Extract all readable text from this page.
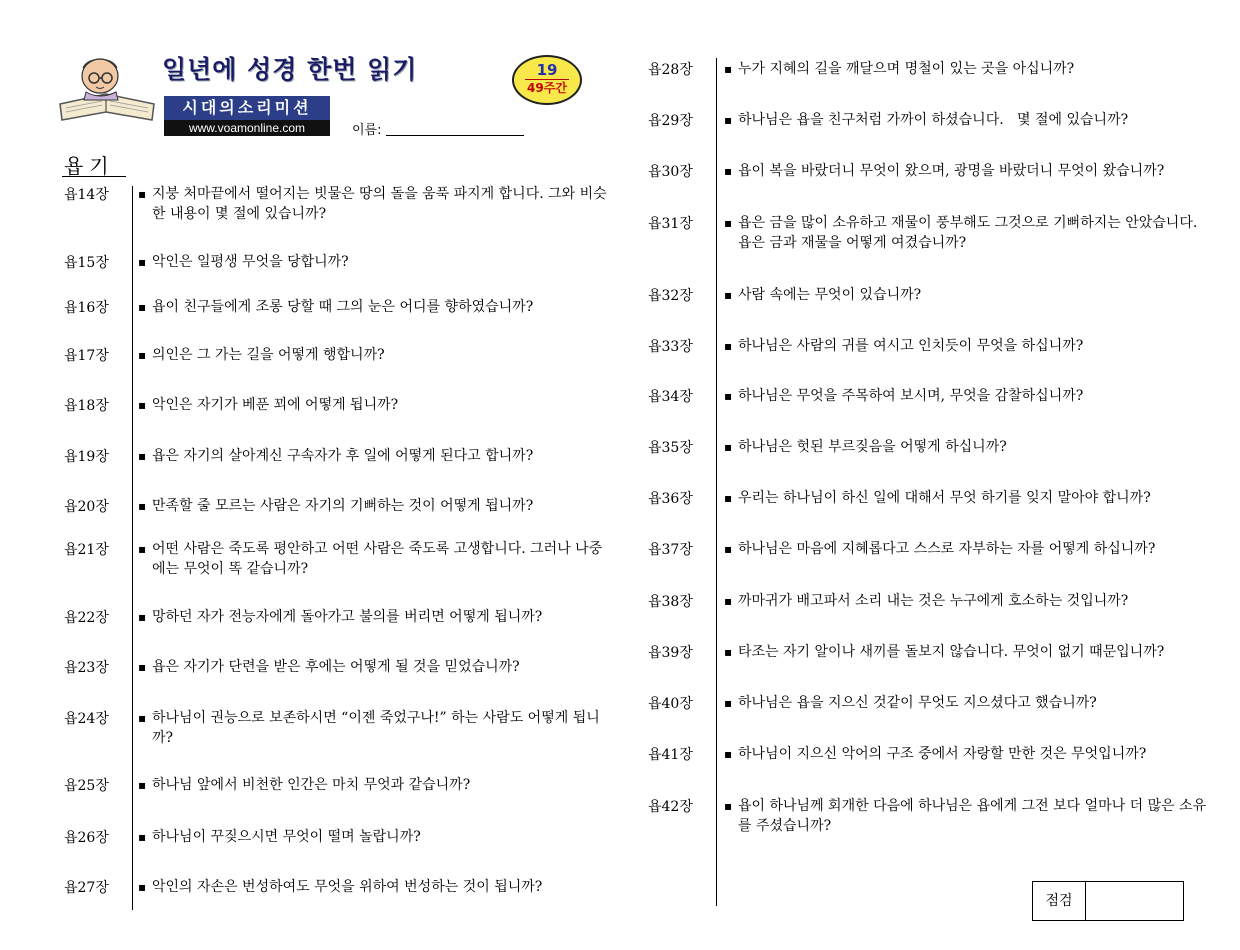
일년에 성경 한번 읽기	19
49주간
시대의소리미션
www.voamonline.com	이름:
욥기
욥14장 ▪ 지붕 처마끝에서 떨어지는 빗물은 땅의 돌을 움푹 파지게 합니다. 그와 비슷한 내용이 몇 절에 있습니까?
욥15장 ▪ 악인은 일평생 무엇을 당합니까?
욥16장 ▪ 욥이 친구들에게 조롱 당할 때 그의 눈은 어디를 향하였습니까?
욥17장 ▪ 의인은 그 가는 길을 어떻게 행합니까?
욥18장 ▪ 악인은 자기가 베푼 꾀에 어떻게 됩니까?
욥19장 ▪ 욥은 자기의 살아계신 구속자가 후 일에 어떻게 된다고 합니까?
욥20장 ▪ 만족할 줄 모르는 사람은 자기의 기뻐하는 것이 어떻게 됩니까?
욥21장 ▪ 어떤 사람은 죽도록 평안하고 어떤 사람은 죽도록 고생합니다. 그러나 나중에는 무엇이 똑 같습니까?
욥22장 ▪ 망하던 자가 전능자에게 돌아가고 불의를 버리면 어떻게 됩니까?
욥23장 ▪ 욥은 자기가 단련을 받은 후에는 어떻게 될 것을 믿었습니까?
욥24장 ▪ 하나님이 권능으로 보존하시면 “이젠 죽었구나!” 하는 사람도 어떻게 됩니까?
욥25장 ▪ 하나님 앞에서 비천한 인간은 마치 무엇과 같습니까?
욥26장 ▪ 하나님이 꾸짖으시면 무엇이 떨며 놀랍니까?
욥27장 ▪ 악인의 자손은 번성하여도 무엇을 위하여 번성하는 것이 됩니까?
욥28장	▪ 누가 지혜의 길을 깨달으며 명철이 있는 곳을 아십니까?
욥29장	▪ 하나님은 욥을 친구처럼 가까이 하셨습니다.   몇 절에 있습니까?
욥30장	▪ 욥이 복을 바랐더니 무엇이 왔으며, 광명을 바랐더니 무엇이 왔습니까?
욥31장	▪ 욥은 금을 많이 소유하고 재물이 풍부해도 그것으로 기뻐하지는 안았습니다. 욥은 금과 재물을 어떻게 여겼습니까?
욥32장	▪ 사람 속에는 무엇이 있습니까?
욥33장	▪ 하나님은 사람의 귀를 여시고 인치듯이 무엇을 하십니까?
욥34장	▪ 하나님은 무엇을 주목하여 보시며, 무엇을 감찰하십니까?
욥35장	▪ 하나님은 헛된 부르짖음을 어떻게 하십니까?
욥36장	▪ 우리는 하나님이 하신 일에 대해서 무엇 하기를 잊지 말아야 합니까?
욥37장	▪ 하나님은 마음에 지혜롭다고 스스로 자부하는 자를 어떻게 하십니까?
욥38장	▪ 까마귀가 배고파서 소리 내는 것은 누구에게 호소하는 것입니까?
욥39장	▪ 타조는 자기 알이나 새끼를 돌보지 않습니다. 무엇이 없기 때문입니까?
욥40장	▪ 하나님은 욥을 지으신 것같이 무엇도 지으셨다고 했습니까?
욥41장	▪ 하나님이 지으신 악어의 구조 중에서 자랑할 만한 것은 무엇입니까?
욥42장	▪ 욥이 하나님께 회개한 다음에 하나님은 욥에게 그전 보다 얼마나 더 많은 소유를 주셨습니까?
점검
